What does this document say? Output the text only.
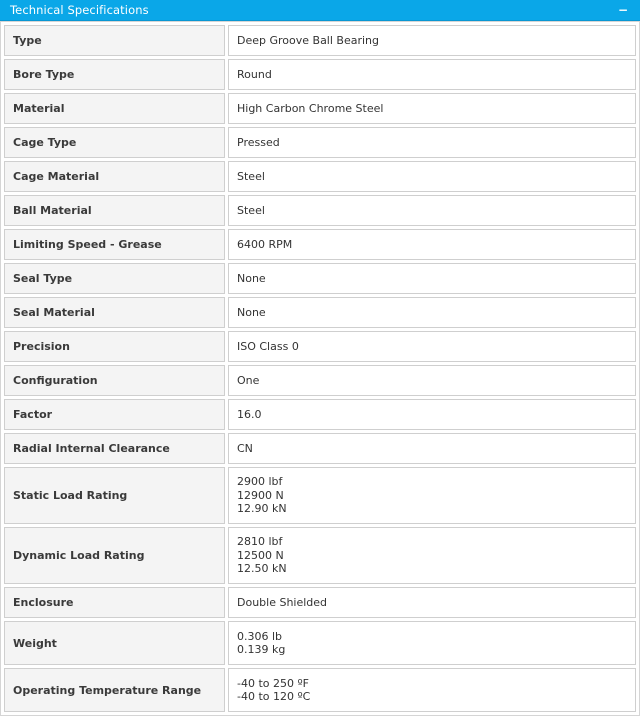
Technical Specifications	−
Type	Deep Groove Ball Bearing

Bore Type	Round

Material	High Carbon Chrome Steel

Cage Type	Pressed

Cage Material	Steel

Ball Material	Steel

Limiting Speed - Grease	6400 RPM

Seal Type	None

Seal Material	None

Precision	ISO Class 0

Configuration	One

Factor	16.0

Radial Internal Clearance	CN

Static Load Rating	2900 lbf
12900 N
12.90 kN

Dynamic Load Rating	2810 lbf
12500 N
12.50 kN

Enclosure	Double Shielded

Weight	0.306 lb
0.139 kg

Operating Temperature Range	-40 to 250 ºF
-40 to 120 ºC
